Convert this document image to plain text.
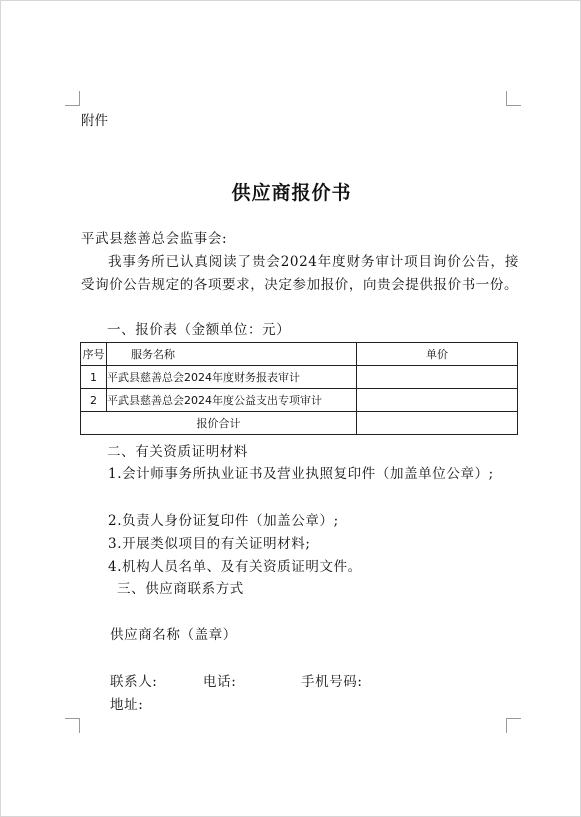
附件
供应商报价书
平武县慈善总会监事会:
我事务所已认真阅读了贵会2024年度财务审计项目询价公告，接受询价公告规定的各项要求，决定参加报价，向贵会提供报价书一份。
一、报价表（金额单位：元）
序号	服务名称	单价
1	平武县慈善总会2024年度财务报表审计	
2	平武县慈善总会2024年度公益支出专项审计	
报价合计		
二、有关资质证明材料
1.会计师事务所执业证书及营业执照复印件（加盖单位公章）;
2.负责人身份证复印件（加盖公章）;
3.开展类似项目的有关证明材料;
4.机构人员名单、及有关资质证明文件。
三、供应商联系方式
供应商名称（盖章）
联系人:	电话:	手机号码:
地址:
